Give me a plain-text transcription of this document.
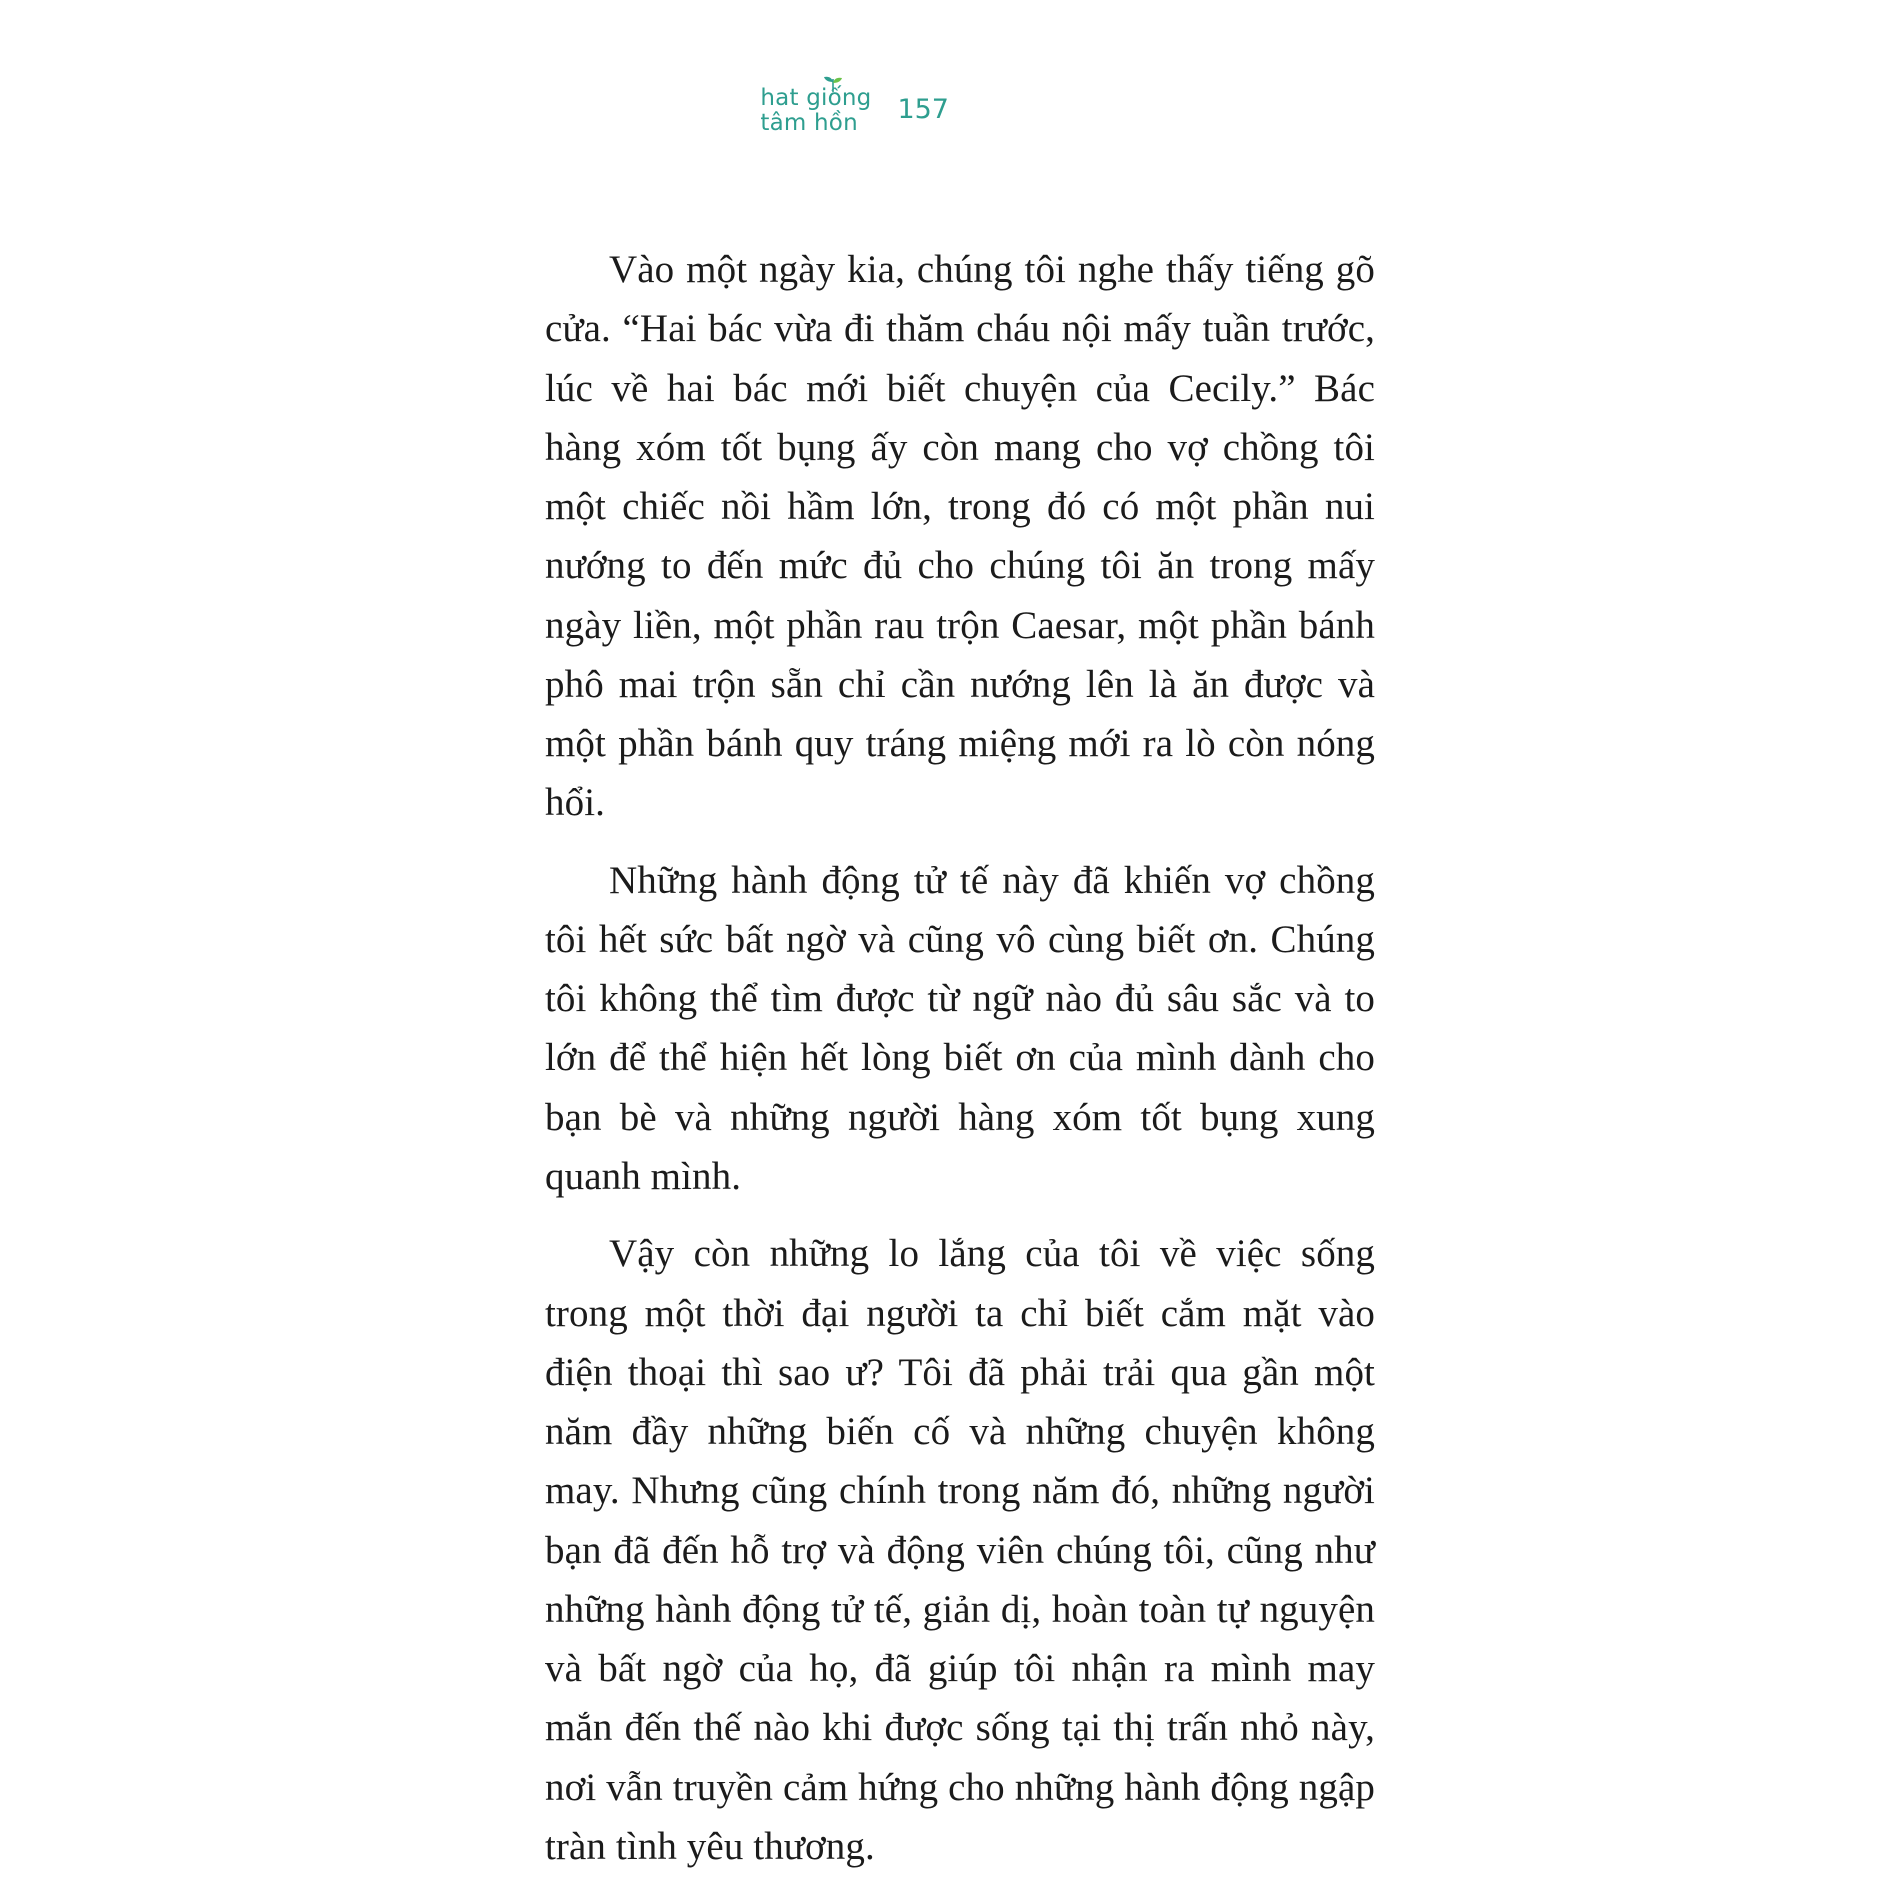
hat giống
tâm hồn 157

Vào một ngày kia, chúng tôi nghe thấy tiếng gõ cửa. “Hai bác vừa đi thăm cháu nội mấy tuần trước, lúc về hai bác mới biết chuyện của Cecily.” Bác hàng xóm tốt bụng ấy còn mang cho vợ chồng tôi một chiếc nồi hầm lớn, trong đó có một phần nui nướng to đến mức đủ cho chúng tôi ăn trong mấy ngày liền, một phần rau trộn Caesar, một phần bánh phô mai trộn sẵn chỉ cần nướng lên là ăn được và một phần bánh quy tráng miệng mới ra lò còn nóng hổi.

Những hành động tử tế này đã khiến vợ chồng tôi hết sức bất ngờ và cũng vô cùng biết ơn. Chúng tôi không thể tìm được từ ngữ nào đủ sâu sắc và to lớn để thể hiện hết lòng biết ơn của mình dành cho bạn bè và những người hàng xóm tốt bụng xung quanh mình.

Vậy còn những lo lắng của tôi về việc sống trong một thời đại người ta chỉ biết cắm mặt vào điện thoại thì sao ư? Tôi đã phải trải qua gần một năm đầy những biến cố và những chuyện không may. Nhưng cũng chính trong năm đó, những người bạn đã đến hỗ trợ và động viên chúng tôi, cũng như những hành động tử tế, giản dị, hoàn toàn tự nguyện và bất ngờ của họ, đã giúp tôi nhận ra mình may mắn đến thế nào khi được sống tại thị trấn nhỏ này, nơi vẫn truyền cảm hứng cho những hành động ngập tràn tình yêu thương.
